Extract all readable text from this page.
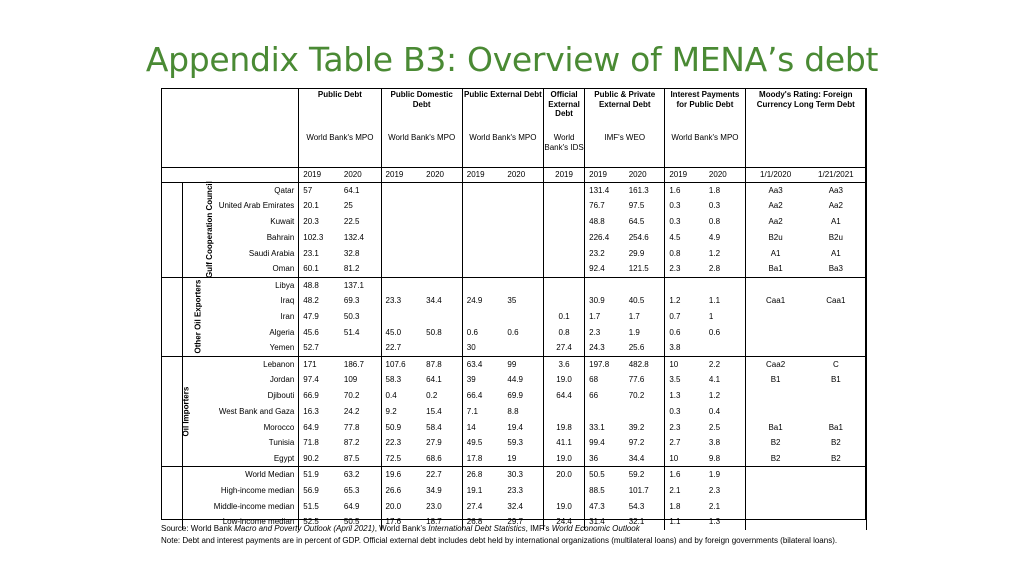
Appendix Table B3: Overview of MENA’s debt
		Public Debt		Public Domestic Debt		Public External Debt		Official External Debt	Public & Private External Debt		Interest Payments for Public Debt		Moody's Rating: Foreign Currency Long Term Debt	
		World Bank's MPO		World Bank's MPO		World Bank's MPO		World Bank's IDS	IMF's WEO		World Bank's MPO			
		2019	2020	2019	2020	2019	2020	2019	2019	2020	2019	2020	1/1/2020	1/21/2021
Gulf Cooperation Council	Qatar	57	64.1						131.4	161.3	1.6	1.8	Aa3	Aa3
	United Arab Emirates	20.1	25						76.7	97.5	0.3	0.3	Aa2	Aa2
	Kuwait	20.3	22.5						48.8	64.5	0.3	0.8	Aa2	A1
	Bahrain	102.3	132.4						226.4	254.6	4.5	4.9	B2u	B2u
	Saudi Arabia	23.1	32.8						23.2	29.9	0.8	1.2	A1	A1
	Oman	60.1	81.2						92.4	121.5	2.3	2.8	Ba1	Ba3
Other Oil Exporters	Libya	48.8	137.1											
	Iraq	48.2	69.3	23.3	34.4	24.9	35		30.9	40.5	1.2	1.1	Caa1	Caa1
	Iran	47.9	50.3					0.1	1.7	1.7	0.7	1		
	Algeria	45.6	51.4	45.0	50.8	0.6	0.6	0.8	2.3	1.9	0.6	0.6		
	Yemen	52.7		22.7		30		27.4	24.3	25.6	3.8			
Oil Importers	Lebanon	171	186.7	107.6	87.8	63.4	99	3.6	197.8	482.8	10	2.2	Caa2	C
	Jordan	97.4	109	58.3	64.1	39	44.9	19.0	68	77.6	3.5	4.1	B1	B1
	Djibouti	66.9	70.2	0.4	0.2	66.4	69.9	64.4	66	70.2	1.3	1.2		
	West Bank and Gaza	16.3	24.2	9.2	15.4	7.1	8.8				0.3	0.4		
	Morocco	64.9	77.8	50.9	58.4	14	19.4	19.8	33.1	39.2	2.3	2.5	Ba1	Ba1
	Tunisia	71.8	87.2	22.3	27.9	49.5	59.3	41.1	99.4	97.2	2.7	3.8	B2	B2
	Egypt	90.2	87.5	72.5	68.6	17.8	19	19.0	36	34.4	10	9.8	B2	B2
	World Median	51.9	63.2	19.6	22.7	26.8	30.3	20.0	50.5	59.2	1.6	1.9		
	High-income median	56.9	65.3	26.6	34.9	19.1	23.3		88.5	101.7	2.1	2.3		
	Middle-income median	51.5	64.9	20.0	23.0	27.4	32.4	19.0	47.3	54.3	1.8	2.1		
	Low-income median	52.5	50.5	17.6	18.7	26.8	29.7	24.4	31.4	32.1	1.1	1.3		
Source: World Bank Macro and Poverty Outlook (April 2021), World Bank’s International Debt Statistics, IMF’s World Economic Outlook
Note: Debt and interest payments are in percent of GDP. Official external debt includes debt held by international organizations (multilateral loans) and by foreign governments (bilateral loans).
